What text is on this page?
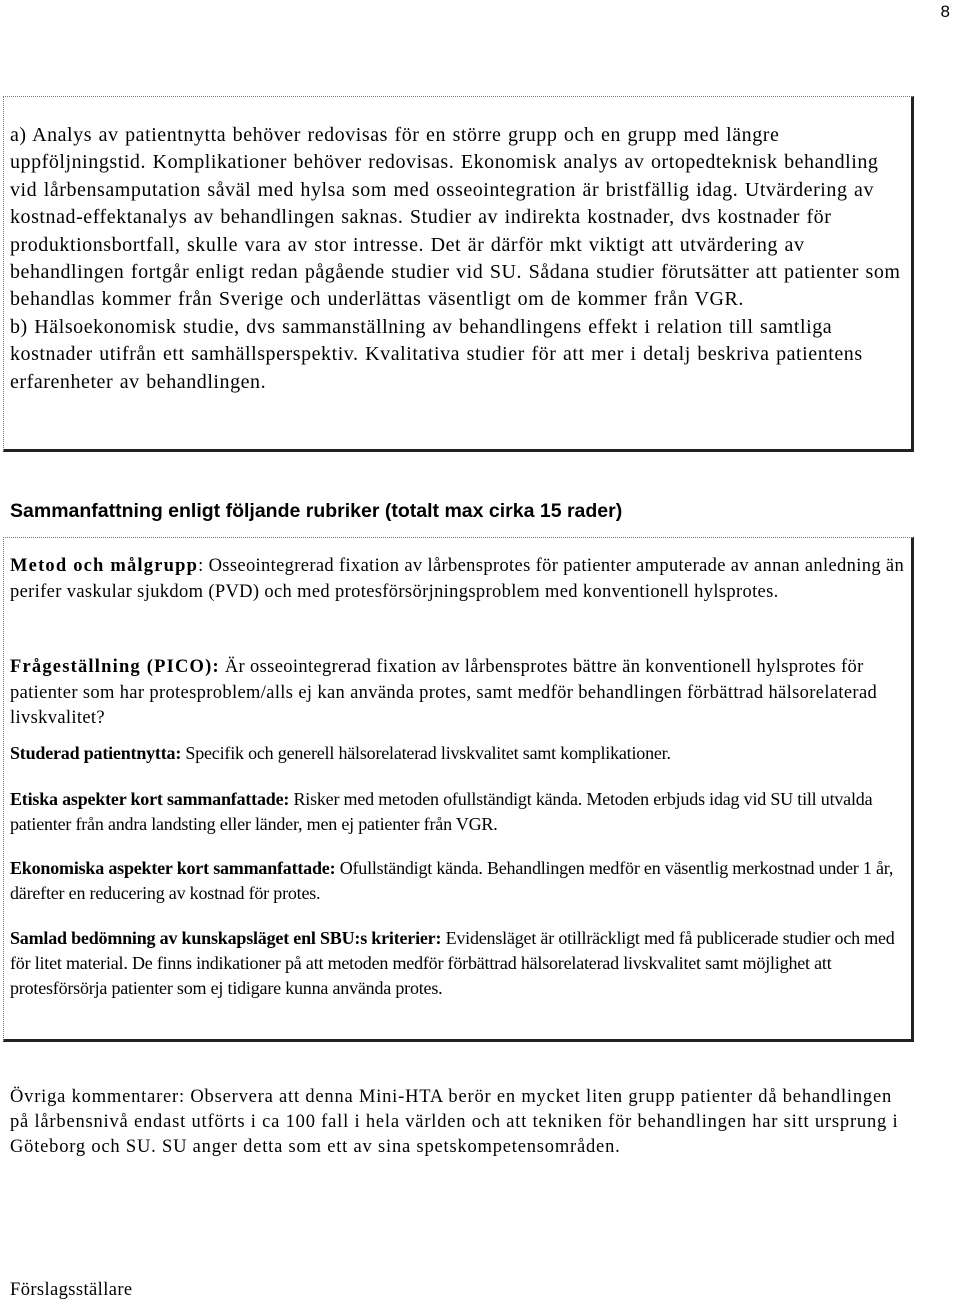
8
a) Analys av patientnytta behöver redovisas för en större grupp och en grupp med längre uppföljningstid. Komplikationer behöver redovisas. Ekonomisk analys av ortopedteknisk behandling vid lårbensamputation såväl med hylsa som med osseointegration är bristfällig idag. Utvärdering av kostnad-effektanalys av behandlingen saknas. Studier av indirekta kostnader, dvs kostnader för produktionsbortfall, skulle vara av stor intresse. Det är därför mkt viktigt att utvärdering av behandlingen fortgår enligt redan pågående studier vid SU. Sådana studier förutsätter att patienter som behandlas kommer från Sverige och underlättas väsentligt om de kommer från VGR.
b) Hälsoekonomisk studie, dvs sammanställning av behandlingens effekt i relation till samtliga kostnader utifrån ett samhällsperspektiv. Kvalitativa studier för att mer i detalj beskriva patientens erfarenheter av behandlingen.
Sammanfattning enligt följande rubriker (totalt max cirka 15 rader)

Metod och målgrupp: Osseointegrerad fixation av lårbensprotes för patienter amputerade av annan anledning än perifer vaskular sjukdom (PVD) och med protesförsörjningsproblem med konventionell hylsprotes.

Frågeställning (PICO): Är osseointegrerad fixation av lårbensprotes bättre än konventionell hylsprotes för patienter som har protesproblem/alls ej kan använda protes, samt medför behandlingen förbättrad hälsorelaterad livskvalitet?

Studerad patientnytta: Specifik och generell hälsorelaterad livskvalitet samt komplikationer.

Etiska aspekter kort sammanfattade: Risker med metoden ofullständigt kända. Metoden erbjuds idag vid SU till utvalda patienter från andra landsting eller länder, men ej patienter från VGR.

Ekonomiska aspekter kort sammanfattade: Ofullständigt kända. Behandlingen medför en väsentlig merkostnad under 1 år, därefter en reducering av kostnad för protes.

Samlad bedömning av kunskapsläget enl SBU:s kriterier: Evidensläget är otillräckligt med få publicerade studier och med för litet material. De finns indikationer på att metoden medför förbättrad hälsorelaterad livskvalitet samt möjlighet att protesförsörja patienter som ej tidigare kunna använda protes.

Övriga kommentarer: Observera att denna Mini-HTA berör en mycket liten grupp patienter då behandlingen på lårbensnivå endast utförts i ca 100 fall i hela världen och att tekniken för behandlingen har sitt ursprung i Göteborg och SU. SU anger detta som ett av sina spetskompetensområden.

Förslagsställare
